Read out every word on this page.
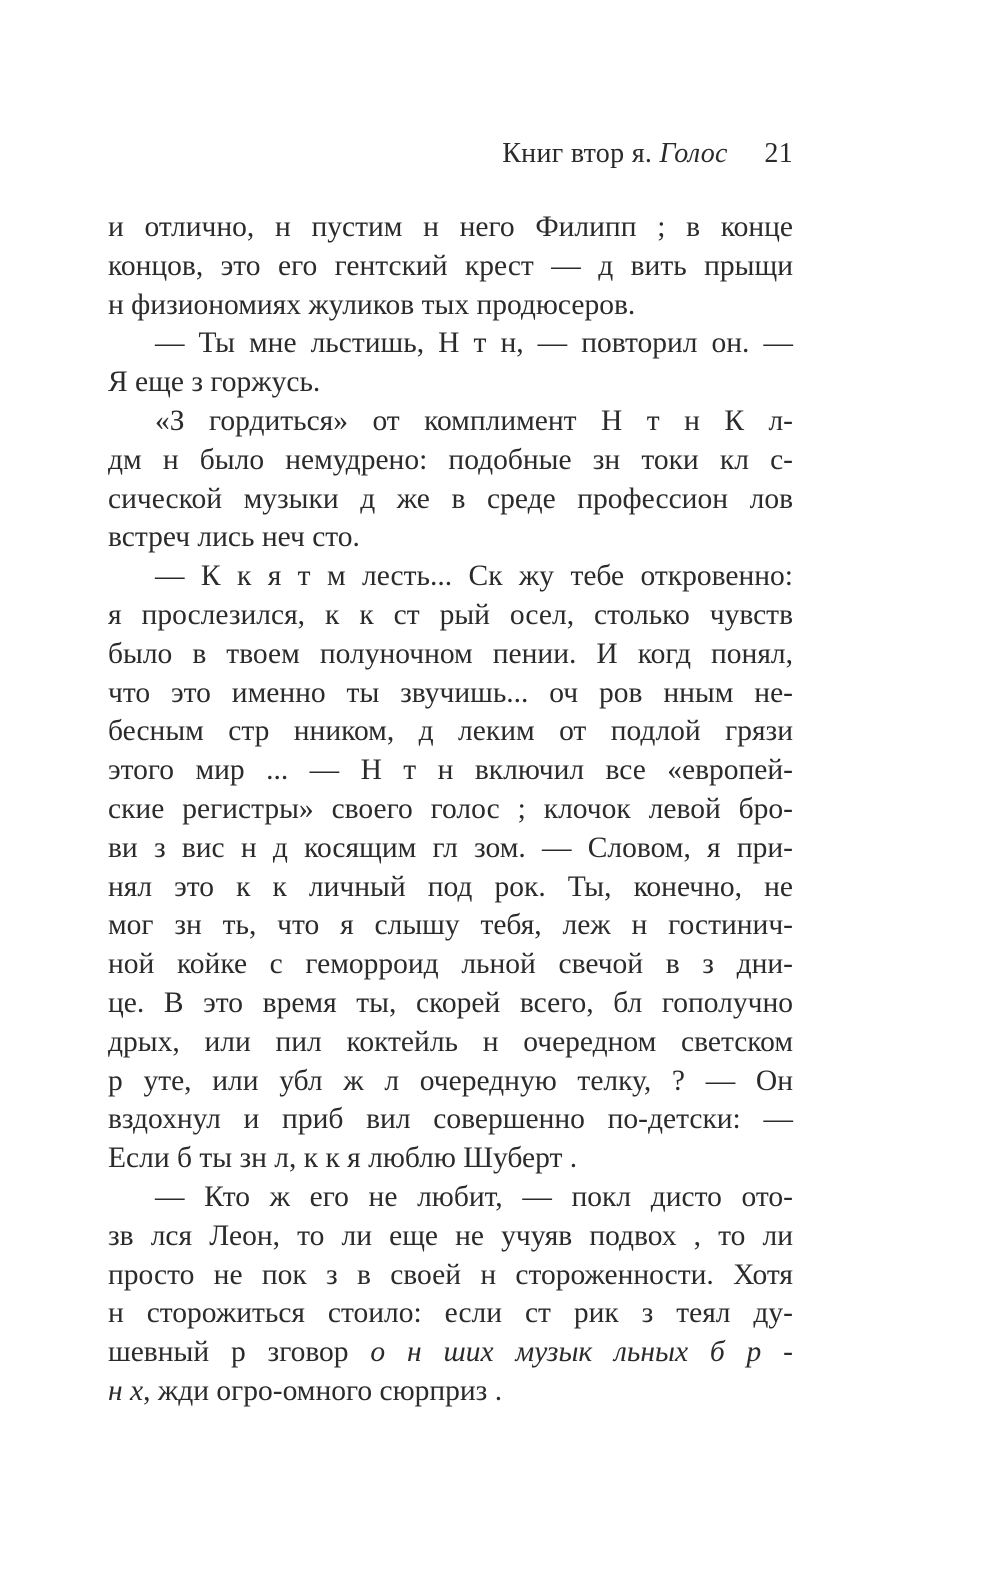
Книг втор я. Голос 21
и отлично, н пустим н него Филипп ; в конце
концов, это его гентский крест — д вить прыщи
н физиономиях жуликов тых продюсеров.
— Ты мне льстишь, Н т н, — повторил он. —
Я еще з горжусь.
«З гордиться» от комплимент Н т н К л-
дм н было немудрено: подобные зн токи кл с-
сической музыки д же в среде профессион лов
встреч лись неч сто.
— К к я т м лесть... Ск жу тебе откровенно:
я прослезился, к к ст рый осел, столько чувств
было в твоем полуночном пении. И когд понял,
что это именно ты звучишь... оч ров нным не-
бесным стр нником, д леким от подлой грязи
этого мир ... — Н т н включил все «европей-
ские регистры» своего голос ; клочок левой бро-
ви з вис н д косящим гл зом. — Словом, я при-
нял это к к личный под рок. Ты, конечно, не
мог зн ть, что я слышу тебя, леж н гостинич-
ной койке с геморроид льной свечой в з дни-
це. В это время ты, скорей всего, бл гополучно
дрых, или пил коктейль н очередном светском
р уте, или убл ж л очередную телку, ? — Он
вздохнул и приб вил совершенно по-детски: —
Если б ты зн л, к к я люблю Шуберт .
— Кто ж его не любит, — покл дисто ото-
зв лся Леон, то ли еще не учуяв подвох , то ли
просто не пок з в своей н стороженности. Хотя
н сторожиться стоило: если ст рик з теял ду-
шевный р зговор о н ших музык льных б р -
н х, жди огро-омного сюрприз .
